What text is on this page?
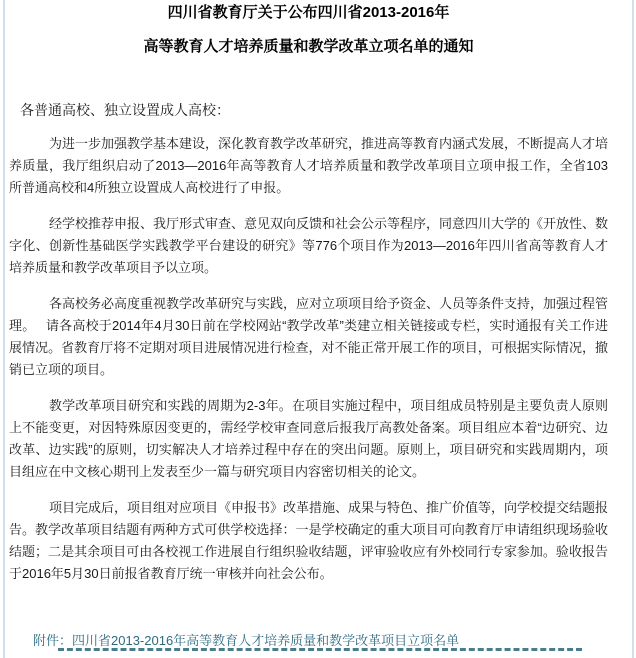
四川省教育厅关于公布四川省2013-2016年
高等教育人才培养质量和教学改革立项名单的通知
各普通高校、独立设置成人高校：

为进一步加强教学基本建设，深化教育教学改革研究，推进高等教育内涵式发展，不断提高人才培养质量，我厅组织启动了2013—2016年高等教育人才培养质量和教学改革项目立项申报工作，全省103所普通高校和4所独立设置成人高校进行了申报。

经学校推荐申报、我厅形式审查、意见双向反馈和社会公示等程序，同意四川大学的《开放性、数字化、创新性基础医学实践教学平台建设的研究》等776个项目作为2013—2016年四川省高等教育人才培养质量和教学改革项目予以立项。

各高校务必高度重视教学改革研究与实践，应对立项项目给予资金、人员等条件支持，加强过程管理。　 请各高校于2014年4月30日前在学校网站“教学改革”类建立相关链接或专栏，实时通报有关工作进展情况。省教育厅将不定期对项目进展情况进行检查，对不能正常开展工作的项目，可根据实际情况，撤销已立项的项目。

教学改革项目研究和实践的周期为2-3年。在项目实施过程中，项目组成员特别是主要负责人原则上不能变更，对因特殊原因变更的，需经学校审查同意后报我厅高教处备案。项目组应本着“边研究、边改革、边实践”的原则，切实解决人才培养过程中存在的突出问题。原则上，项目研究和实践周期内，项目组应在中文核心期刊上发表至少一篇与研究项目内容密切相关的论文。

项目完成后，项目组对应项目《申报书》改革措施、成果与特色、推广价值等，向学校提交结题报告。教学改革项目结题有两种方式可供学校选择：一是学校确定的重大项目可向教育厅申请组织现场验收结题；二是其余项目可由各校视工作进展自行组织验收结题，评审验收应有外校同行专家参加。验收报告于2016年5月30日前报省教育厅统一审核并向社会公布。

附件：四川省2013-2016年高等教育人才培养质量和教学改革项目立项名单
